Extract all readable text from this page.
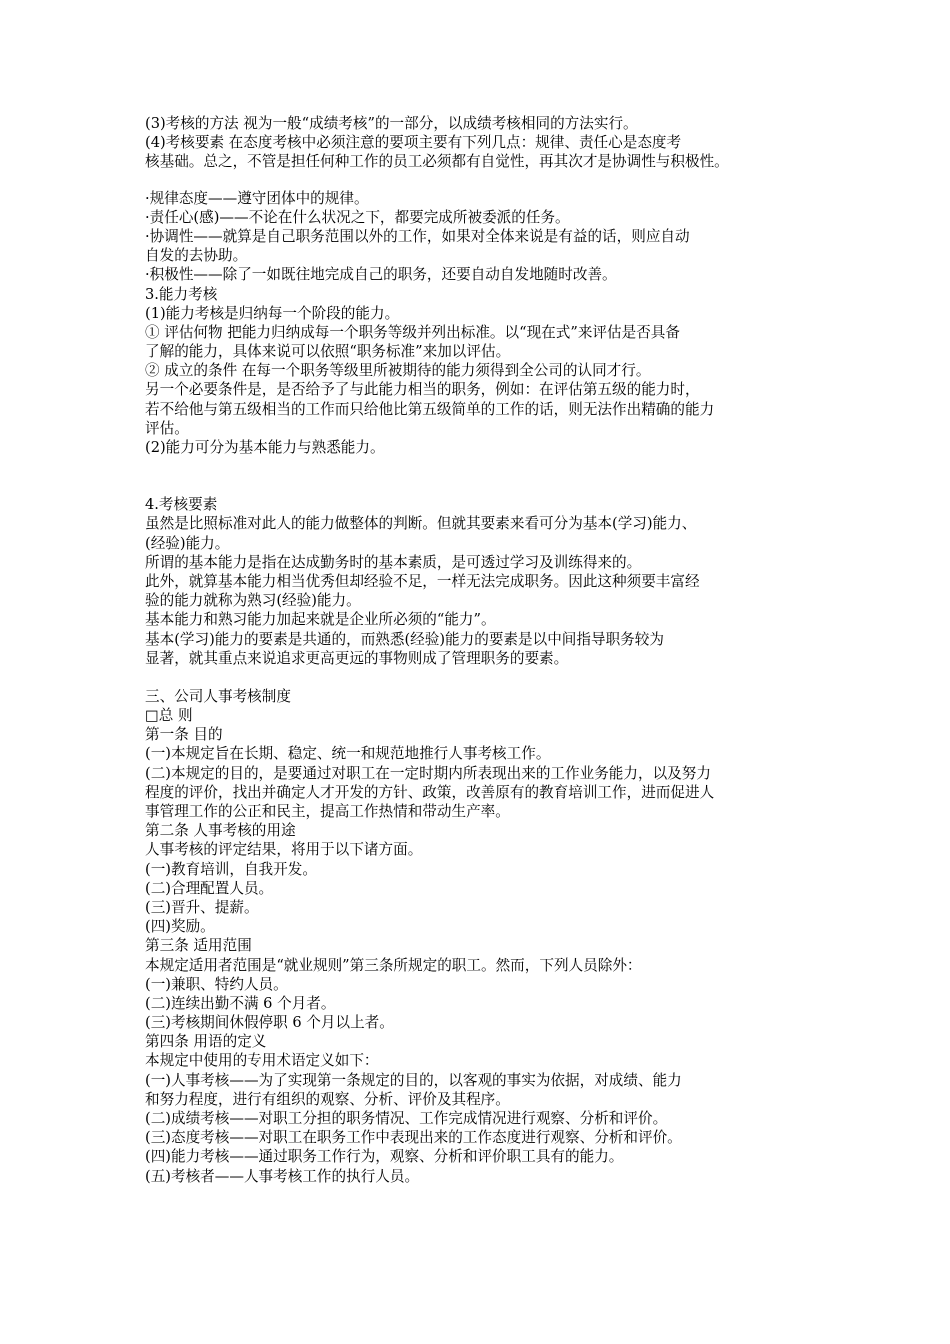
(3)考核的方法 视为一般“成绩考核”的一部分，以成绩考核相同的方法实行。
(4)考核要素 在态度考核中必须注意的要项主要有下列几点：规律、责任心是态度考
核基础。总之，不管是担任何种工作的员工必须都有自觉性，再其次才是协调性与积极性。
·规律态度——遵守团体中的规律。
·责任心(感)——不论在什么状况之下，都要完成所被委派的任务。
·协调性——就算是自己职务范围以外的工作，如果对全体来说是有益的话，则应自动
自发的去协助。
·积极性——除了一如既往地完成自己的职务，还要自动自发地随时改善。
3.能力考核
(1)能力考核是归纳每一个阶段的能力。
① 评估何物 把能力归纳成每一个职务等级并列出标准。以“现在式”来评估是否具备
了解的能力，具体来说可以依照“职务标准”来加以评估。
② 成立的条件 在每一个职务等级里所被期待的能力须得到全公司的认同才行。
另一个必要条件是，是否给予了与此能力相当的职务，例如：在评估第五级的能力时，
若不给他与第五级相当的工作而只给他比第五级简单的工作的话，则无法作出精确的能力
评估。
(2)能力可分为基本能力与熟悉能力。
4.考核要素
虽然是比照标准对此人的能力做整体的判断。但就其要素来看可分为基本(学习)能力、
(经验)能力。
所谓的基本能力是指在达成勤务时的基本素质，是可透过学习及训练得来的。
此外，就算基本能力相当优秀但却经验不足，一样无法完成职务。因此这种须要丰富经
验的能力就称为熟习(经验)能力。
基本能力和熟习能力加起来就是企业所必须的“能力”。
基本(学习)能力的要素是共通的，而熟悉(经验)能力的要素是以中间指导职务较为
显著，就其重点来说追求更高更远的事物则成了管理职务的要素。
三、公司人事考核制度
□总 则
第一条 目的
(一)本规定旨在长期、稳定、统一和规范地推行人事考核工作。
(二)本规定的目的，是要通过对职工在一定时期内所表现出来的工作业务能力，以及努力
程度的评价，找出并确定人才开发的方针、政策，改善原有的教育培训工作，进而促进人
事管理工作的公正和民主，提高工作热情和带动生产率。
第二条 人事考核的用途
人事考核的评定结果，将用于以下诸方面。
(一)教育培训，自我开发。
(二)合理配置人员。
(三)晋升、提薪。
(四)奖励。
第三条 适用范围
本规定适用者范围是“就业规则”第三条所规定的职工。然而，下列人员除外：
(一)兼职、特约人员。
(二)连续出勤不满 6 个月者。
(三)考核期间休假停职 6 个月以上者。
第四条 用语的定义
本规定中使用的专用术语定义如下：
(一)人事考核——为了实现第一条规定的目的，以客观的事实为依据，对成绩、能力
和努力程度，进行有组织的观察、分析、评价及其程序。
(二)成绩考核——对职工分担的职务情况、工作完成情况进行观察、分析和评价。
(三)态度考核——对职工在职务工作中表现出来的工作态度进行观察、分析和评价。
(四)能力考核——通过职务工作行为，观察、分析和评价职工具有的能力。
(五)考核者——人事考核工作的执行人员。
